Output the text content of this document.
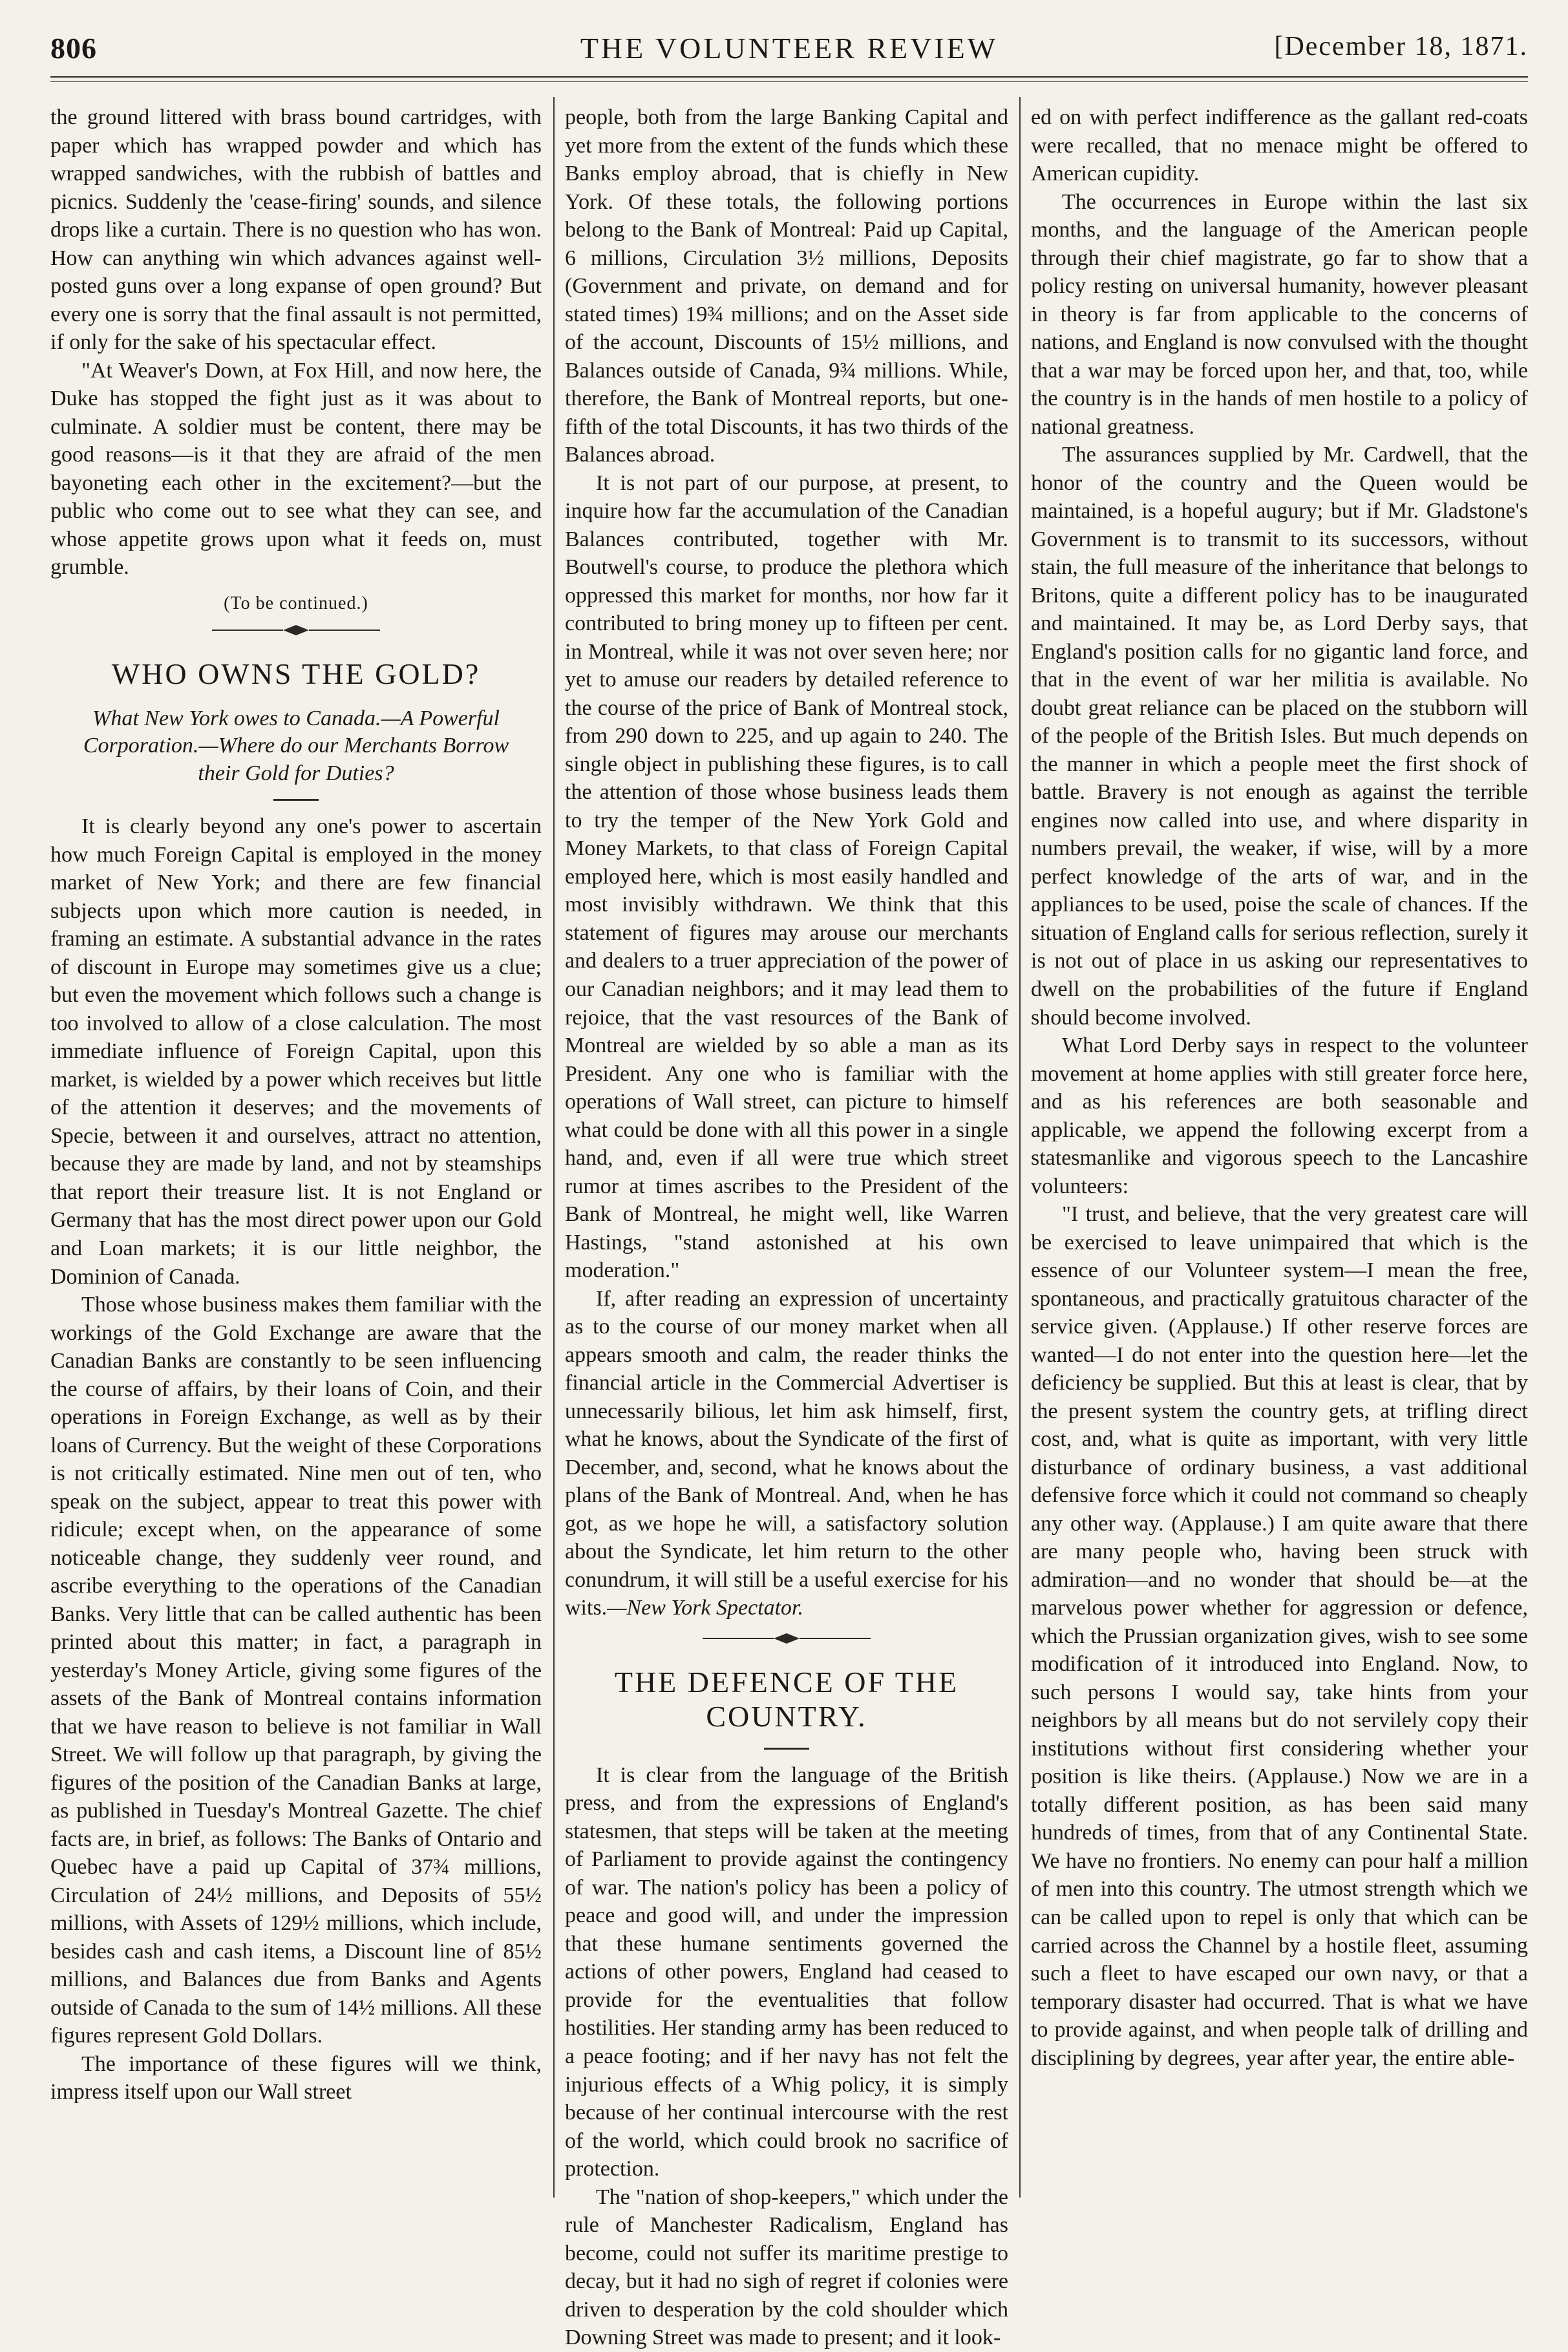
806	THE VOLUNTEER REVIEW	[December 18, 1871.

the ground littered with brass bound cartridges, with paper which has wrapped powder and which has wrapped sandwiches, with the rubbish of battles and picnics. Suddenly the 'cease-firing' sounds, and silence drops like a curtain. There is no question who has won. How can anything win which advances against well-posted guns over a long expanse of open ground? But every one is sorry that the final assault is not permitted, if only for the sake of his spectacular effect.

"At Weaver's Down, at Fox Hill, and now here, the Duke has stopped the fight just as it was about to culminate. A soldier must be content, there may be good reasons—is it that they are afraid of the men bayoneting each other in the excitement?—but the public who come out to see what they can see, and whose appetite grows upon what it feeds on, must grumble.

(To be continued.)
WHO OWNS THE GOLD?
What New York owes to Canada.—A Powerful Corporation.—Where do our Merchants Borrow their Gold for Duties?

It is clearly beyond any one's power to ascertain how much Foreign Capital is employed in the money market of New York; and there are few financial subjects upon which more caution is needed, in framing an estimate. A substantial advance in the rates of discount in Europe may sometimes give us a clue; but even the movement which follows such a change is too involved to allow of a close calculation. The most immediate influence of Foreign Capital, upon this market, is wielded by a power which receives but little of the attention it deserves; and the movements of Specie, between it and ourselves, attract no attention, because they are made by land, and not by steamships that report their treasure list. It is not England or Germany that has the most direct power upon our Gold and Loan markets; it is our little neighbor, the Dominion of Canada.

Those whose business makes them familiar with the workings of the Gold Exchange are aware that the Canadian Banks are constantly to be seen influencing the course of affairs, by their loans of Coin, and their operations in Foreign Exchange, as well as by their loans of Currency. But the weight of these Corporations is not critically estimated. Nine men out of ten, who speak on the subject, appear to treat this power with ridicule; except when, on the appearance of some noticeable change, they suddenly veer round, and ascribe everything to the operations of the Canadian Banks. Very little that can be called authentic has been printed about this matter; in fact, a paragraph in yesterday's Money Article, giving some figures of the assets of the Bank of Montreal contains information that we have reason to believe is not familiar in Wall Street. We will follow up that paragraph, by giving the figures of the position of the Canadian Banks at large, as published in Tuesday's Montreal Gazette. The chief facts are, in brief, as follows: The Banks of Ontario and Quebec have a paid up Capital of 37¾ millions, Circulation of 24½ millions, and Deposits of 55½ millions, with Assets of 129½ millions, which include, besides cash and cash items, a Discount line of 85½ millions, and Balances due from Banks and Agents outside of Canada to the sum of 14½ millions. All these figures represent Gold Dollars.

The importance of these figures will we think, impress itself upon our Wall street

people, both from the large Banking Capital and yet more from the extent of the funds which these Banks employ abroad, that is chiefly in New York. Of these totals, the following portions belong to the Bank of Montreal: Paid up Capital, 6 millions, Circulation 3½ millions, Deposits (Government and private, on demand and for stated times) 19¾ millions; and on the Asset side of the account, Discounts of 15½ millions, and Balances outside of Canada, 9¾ millions. While, therefore, the Bank of Montreal reports, but one-fifth of the total Discounts, it has two thirds of the Balances abroad.

It is not part of our purpose, at present, to inquire how far the accumulation of the Canadian Balances contributed, together with Mr. Boutwell's course, to produce the plethora which oppressed this market for months, nor how far it contributed to bring money up to fifteen per cent. in Montreal, while it was not over seven here; nor yet to amuse our readers by detailed reference to the course of the price of Bank of Montreal stock, from 290 down to 225, and up again to 240. The single object in publishing these figures, is to call the attention of those whose business leads them to try the temper of the New York Gold and Money Markets, to that class of Foreign Capital employed here, which is most easily handled and most invisibly withdrawn. We think that this statement of figures may arouse our merchants and dealers to a truer appreciation of the power of our Canadian neighbors; and it may lead them to rejoice, that the vast resources of the Bank of Montreal are wielded by so able a man as its President. Any one who is familiar with the operations of Wall street, can picture to himself what could be done with all this power in a single hand, and, even if all were true which street rumor at times ascribes to the President of the Bank of Montreal, he might well, like Warren Hastings, "stand astonished at his own moderation."

If, after reading an expression of uncertainty as to the course of our money market when all appears smooth and calm, the reader thinks the financial article in the Commercial Advertiser is unnecessarily bilious, let him ask himself, first, what he knows, about the Syndicate of the first of December, and, second, what he knows about the plans of the Bank of Montreal. And, when he has got, as we hope he will, a satisfactory solution about the Syndicate, let him return to the other conundrum, it will still be a useful exercise for his wits.—New York Spectator.

THE DEFENCE OF THE COUNTRY.

It is clear from the language of the British press, and from the expressions of England's statesmen, that steps will be taken at the meeting of Parliament to provide against the contingency of war. The nation's policy has been a policy of peace and good will, and under the impression that these humane sentiments governed the actions of other powers, England had ceased to provide for the eventualities that follow hostilities. Her standing army has been reduced to a peace footing; and if her navy has not felt the injurious effects of a Whig policy, it is simply because of her continual intercourse with the rest of the world, which could brook no sacrifice of protection.

The "nation of shop-keepers," which under the rule of Manchester Radicalism, England has become, could not suffer its maritime prestige to decay, but it had no sigh of regret if colonies were driven to desperation by the cold shoulder which Downing Street was made to present; and it look-

ed on with perfect indifference as the gallant red-coats were recalled, that no menace might be offered to American cupidity.

The occurrences in Europe within the last six months, and the language of the American people through their chief magistrate, go far to show that a policy resting on universal humanity, however pleasant in theory is far from applicable to the concerns of nations, and England is now convulsed with the thought that a war may be forced upon her, and that, too, while the country is in the hands of men hostile to a policy of national greatness.

The assurances supplied by Mr. Cardwell, that the honor of the country and the Queen would be maintained, is a hopeful augury; but if Mr. Gladstone's Government is to transmit to its successors, without stain, the full measure of the inheritance that belongs to Britons, quite a different policy has to be inaugurated and maintained. It may be, as Lord Derby says, that England's position calls for no gigantic land force, and that in the event of war her militia is available. No doubt great reliance can be placed on the stubborn will of the people of the British Isles. But much depends on the manner in which a people meet the first shock of battle. Bravery is not enough as against the terrible engines now called into use, and where disparity in numbers prevail, the weaker, if wise, will by a more perfect knowledge of the arts of war, and in the appliances to be used, poise the scale of chances. If the situation of England calls for serious reflection, surely it is not out of place in us asking our representatives to dwell on the probabilities of the future if England should become involved.

What Lord Derby says in respect to the volunteer movement at home applies with still greater force here, and as his references are both seasonable and applicable, we append the following excerpt from a statesmanlike and vigorous speech to the Lancashire volunteers:

"I trust, and believe, that the very greatest care will be exercised to leave unimpaired that which is the essence of our Volunteer system—I mean the free, spontaneous, and practically gratuitous character of the service given. (Applause.) If other reserve forces are wanted—I do not enter into the question here—let the deficiency be supplied. But this at least is clear, that by the present system the country gets, at trifling direct cost, and, what is quite as important, with very little disturbance of ordinary business, a vast additional defensive force which it could not command so cheaply any other way. (Applause.) I am quite aware that there are many people who, having been struck with admiration—and no wonder that should be—at the marvelous power whether for aggression or defence, which the Prussian organization gives, wish to see some modification of it introduced into England. Now, to such persons I would say, take hints from your neighbors by all means but do not servilely copy their institutions without first considering whether your position is like theirs. (Applause.) Now we are in a totally different position, as has been said many hundreds of times, from that of any Continental State. We have no frontiers. No enemy can pour half a million of men into this country. The utmost strength which we can be called upon to repel is only that which can be carried across the Channel by a hostile fleet, assuming such a fleet to have escaped our own navy, or that a temporary disaster had occurred. That is what we have to provide against, and when people talk of drilling and disciplining by degrees, year after year, the entire able-
